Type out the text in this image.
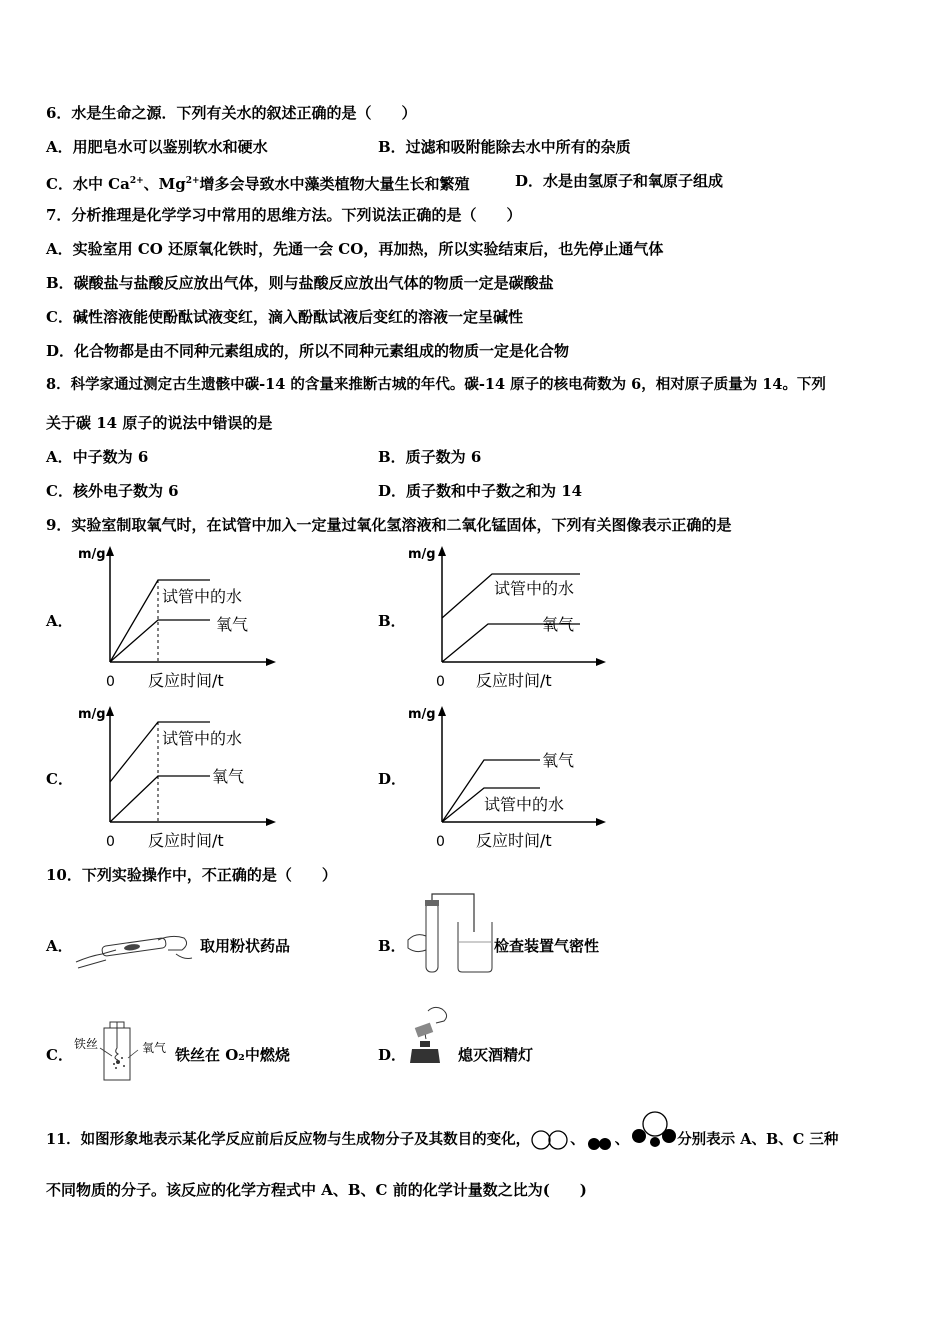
6．水是生命之源．下列有关水的叙述正确的是（　　）
A．用肥皂水可以鉴别软水和硬水	B．过滤和吸附能除去水中所有的杂质
C．水中 $Ca^{2+}$、$Mg^{2+}$增多会导致水中藻类植物大量生长和繁殖	D．水是由氢原子和氧原子组成
7．分析推理是化学学习中常用的思维方法。下列说法正确的是（　　）
A．实验室用 CO 还原氧化铁时，先通一会 CO，再加热，所以实验结束后，也先停止通气体
B．碳酸盐与盐酸反应放出气体，则与盐酸反应放出气体的物质一定是碳酸盐
C．碱性溶液能使酚酞试液变红，滴入酚酞试液后变红的溶液一定呈碱性
D．化合物都是由不同种元素组成的，所以不同种元素组成的物质一定是化合物
8．科学家通过测定古生遗骸中碳-14 的含量来推断古城的年代。碳-14 原子的核电荷数为 6，相对原子质量为 14。下列
关于碳 14 原子的说法中错误的是
A．中子数为 6	B．质子数为 6
C．核外电子数为 6	D．质子数和中子数之和为 14
9．实验室制取氧气时，在试管中加入一定量过氧化氢溶液和二氧化锰固体，下列有关图像表示正确的是
A．	B．
C．	D．
m/g
试管中的水
氧气
0 反应时间/t
m/g
试管中的水
氧气
0 反应时间/t
m/g
试管中的水
氧气
0 反应时间/t
m/g
氧气
试管中的水
0 反应时间/t
10．下列实验操作中，不正确的是（　　）
A．	取用粉状药品	B．	检查装置气密性
C．
铁丝	氧气 铁丝在 O₂中燃烧	D．	熄灭酒精灯
11．如图形象地表示某化学反应前后反应物与生成物分子及其数目的变化，	、 、	分别表示 A、B、C 三种
不同物质的分子。该反应的化学方程式中 A、B、C 前的化学计量数之比为(　　)
